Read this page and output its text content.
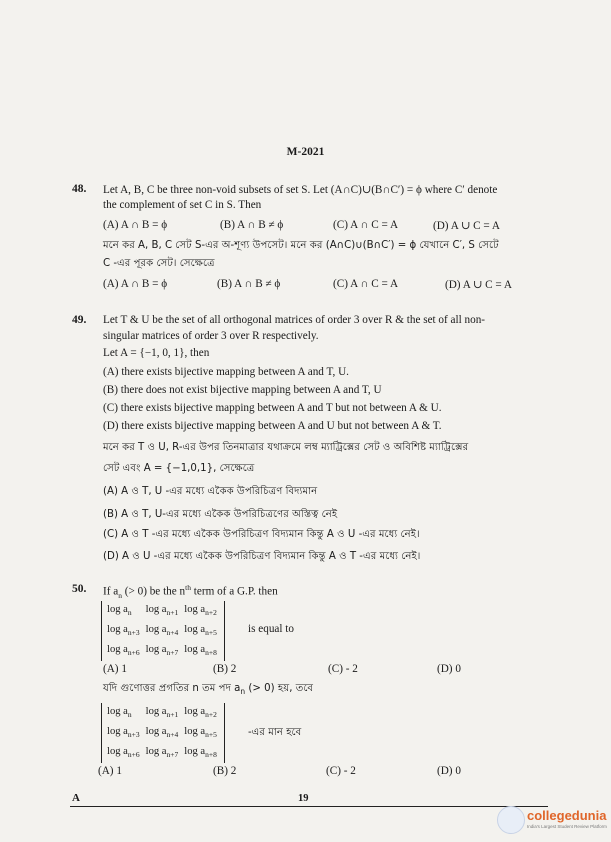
M-2021
48. Let A, B, C be three non-void subsets of set S. Let (A∩C)∪(B∩C′) = ϕ where C′ denote
the complement of set C in S. Then
(A) A ∩ B = ϕ	(B) A ∩ B ≠ ϕ	(C) A ∩ C = A	(D) A ∪ C = A
মনে কর A, B, C সেট S-এর অ-শূণ্য উপসেট। মনে কর (A∩C)∪(B∩C′) = ϕ যেখানে C′, S সেটে
C -এর পূরক সেট। সেক্ষেত্রে
(A) A ∩ B = ϕ	(B) A ∩ B ≠ ϕ	(C) A ∩ C = A	(D) A ∪ C = A
49. Let T & U be the set of all orthogonal matrices of order 3 over R & the set of all non-
singular matrices of order 3 over R respectively.
Let A = {−1, 0, 1}, then
(A) there exists bijective mapping between A and T, U.
(B) there does not exist bijective mapping between A and T, U
(C) there exists bijective mapping between A and T but not between A & U.
(D) there exists bijective mapping between A and U but not between A & T.
মনে কর T ও U, R-এর উপর তিনমাত্রার যথাক্রমে লম্ব ম্যাট্রিক্সের সেট ও অবিশিষ্ট ম্যাট্রিক্সের
সেট এবং A = {−1,0,1}, সেক্ষেত্রে
(A) A ও T, U -এর মধ্যে একৈক উপরিচিত্রণ বিদ্যমান
(B) A ও T, U-এর মধ্যে একৈক উপরিচিত্রণের অস্তিত্ব নেই
(C) A ও T -এর মধ্যে একৈক উপরিচিত্রণ বিদ্যমান কিন্তু A ও U -এর মধ্যে নেই।
(D) A ও U -এর মধ্যে একৈক উপরিচিত্রণ বিদ্যমান কিন্তু A ও T -এর মধ্যে নেই।
50. If $a_n$ (> 0) be the $n^{th}$ term of a G.P. then
$\log a_n$	$\log a_{n+1}$	$\log a_{n+2}$
$\log a_{n+3}$	$\log a_{n+4}$	$\log a_{n+5}$
$\log a_{n+6}$	$\log a_{n+7}$	$\log a_{n+8}$
is equal to
(A) 1	(B) 2	(C) - 2	(D) 0
যদি গুণোত্তর প্রগতির n তম পদ $a_n$ (> 0) হয়, তবে
$\log a_n$	$\log a_{n+1}$	$\log a_{n+2}$
$\log a_{n+3}$	$\log a_{n+4}$	$\log a_{n+5}$
$\log a_{n+6}$	$\log a_{n+7}$	$\log a_{n+8}$
-এর মান হবে
(A) 1	(B) 2	(C) - 2	(D) 0
A	19
collegedunia
India's Largest Student Review Platform
